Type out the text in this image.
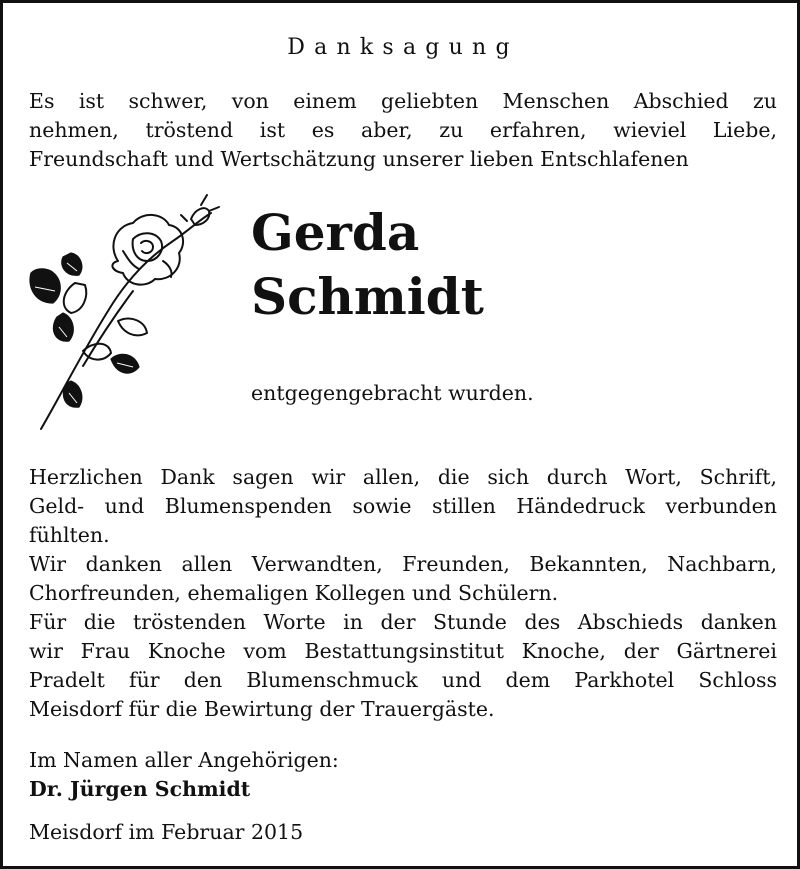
Danksagung
Es ist schwer, von einem geliebten Menschen Abschied zu
nehmen, tröstend ist es aber, zu erfahren, wieviel Liebe,
Freundschaft und Wertschätzung unserer lieben Entschlafenen
Gerda
Schmidt
entgegengebracht wurden.
Herzlichen Dank sagen wir allen, die sich durch Wort, Schrift,
Geld- und Blumenspenden sowie stillen Händedruck verbunden
fühlten.
Wir danken allen Verwandten, Freunden, Bekannten, Nachbarn,
Chorfreunden, ehemaligen Kollegen und Schülern.
Für die tröstenden Worte in der Stunde des Abschieds danken
wir Frau Knoche vom Bestattungsinstitut Knoche, der Gärtnerei
Pradelt für den Blumenschmuck und dem Parkhotel Schloss
Meisdorf für die Bewirtung der Trauergäste.
Im Namen aller Angehörigen:
Dr. Jürgen Schmidt
Meisdorf im Februar 2015
